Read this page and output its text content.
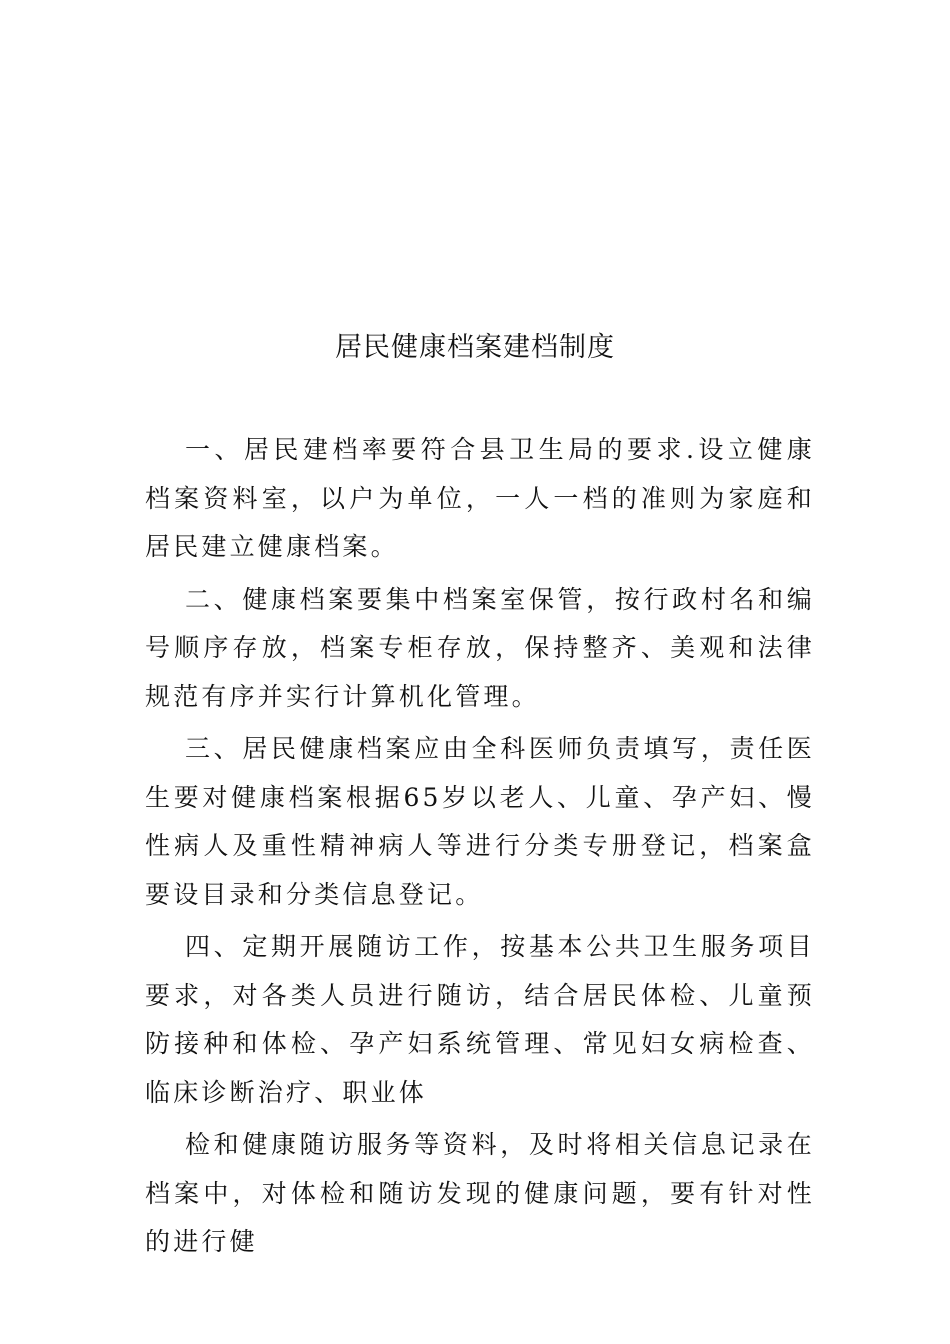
居民健康档案建档制度

一、居民建档率要符合县卫生局的要求.设立健康档案资料室，以户为单位，一人一档的准则为家庭和居民建立健康档案。

二、健康档案要集中档案室保管，按行政村名和编号顺序存放，档案专柜存放，保持整齐、美观和法律规范有序并实行计算机化管理。

三、居民健康档案应由全科医师负责填写，责任医生要对健康档案根据65岁以老人、儿童、孕产妇、慢性病人及重性精神病人等进行分类专册登记，档案盒要设目录和分类信息登记。

四、定期开展随访工作，按基本公共卫生服务项目要求，对各类人员进行随访，结合居民体检、儿童预防接种和体检、孕产妇系统管理、常见妇女病检查、临床诊断治疗、职业体

检和健康随访服务等资料，及时将相关信息记录在档案中，对体检和随访发现的健康问题，要有针对性的进行健
